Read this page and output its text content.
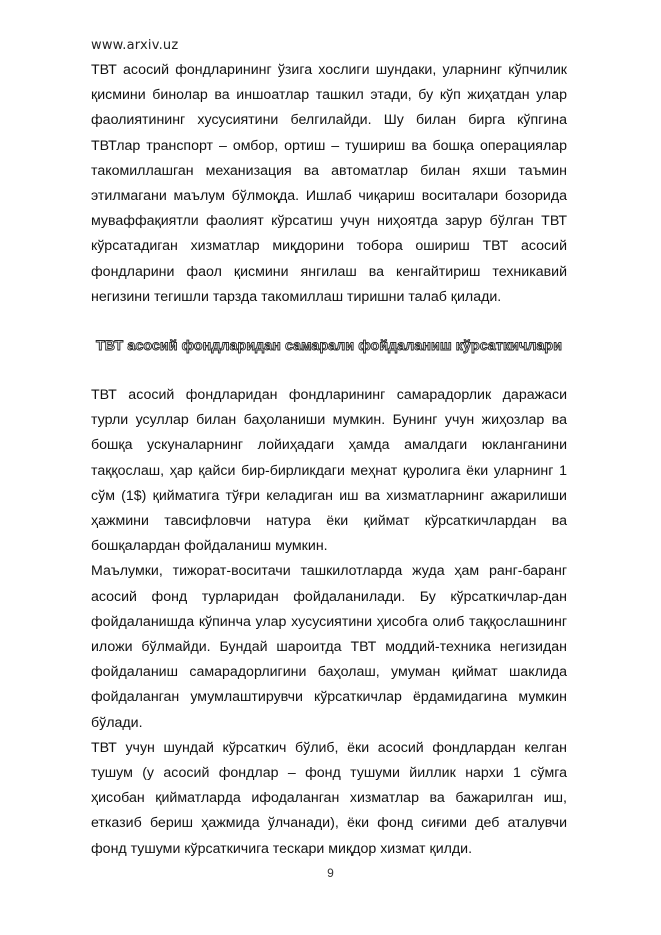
www.arxiv.uz

ТВТ асосий фондларининг ўзига хослиги шундаки, уларнинг кўпчилик қисмини бинолар ва иншоатлар ташкил этади, бу кўп жиҳатдан улар фаолиятининг хусусиятини белгилайди. Шу билан бирга кўпгина ТВТлар транспорт – омбор, ортиш – тушириш ва бошқа операциялар такомиллашган механизация ва автоматлар билан яхши таъмин этилмагани маълум бўлмоқда. Ишлаб чиқариш воситалари бозорида муваффақиятли фаолият кўрсатиш учун ниҳоятда зарур бўлган ТВТ кўрсатадиган хизматлар миқдорини тобора ошириш ТВТ асосий фондларини фаол қисмини янгилаш ва кенгайтириш техникавий негизини тегишли тарзда такомиллаш тиришни талаб қилади.

ТВТ асосий фондларидан самарали фойдаланиш кўрсаткичлари

ТВТ асосий фондларидан фондларининг самарадорлик даражаси турли усуллар билан баҳоланиши мумкин. Бунинг учун жиҳозлар ва бошқа ускуналарнинг лойиҳадаги ҳамда амалдаги юкланганини таққослаш, ҳар қайси бир-бирликдаги меҳнат қуролига ёки уларнинг 1 сўм (1$) қийматига тўғри келадиган иш ва хизматларнинг ажарилиши ҳажмини тавсифловчи натура ёки қиймат кўрсаткичлардан ва бошқалардан фойдаланиш мумкин.

Маълумки, тижорат-воситачи ташкилотларда жуда ҳам ранг-баранг асосий фонд турларидан фойдаланилади. Бу кўрсаткичлар-дан фойдаланишда кўпинча улар хусусиятини ҳисобга олиб таққослашнинг иложи бўлмайди. Бундай шароитда ТВТ моддий-техника негизидан фойдаланиш самарадорлигини баҳолаш, умуман қиймат шаклида фойдаланган умумлаштирувчи кўрсаткичлар ёрдамидагина мумкин бўлади.

ТВТ учун шундай кўрсаткич бўлиб, ёки асосий фондлардан келган тушум (у асосий фондлар – фонд тушуми йиллик нархи 1 сўмга ҳисобан қийматларда ифодаланган хизматлар ва бажарилган иш, етказиб бериш ҳажмида ўлчанади), ёки фонд сиғими деб аталувчи фонд тушуми кўрсаткичига тескари миқдор хизмат қилди.

9
